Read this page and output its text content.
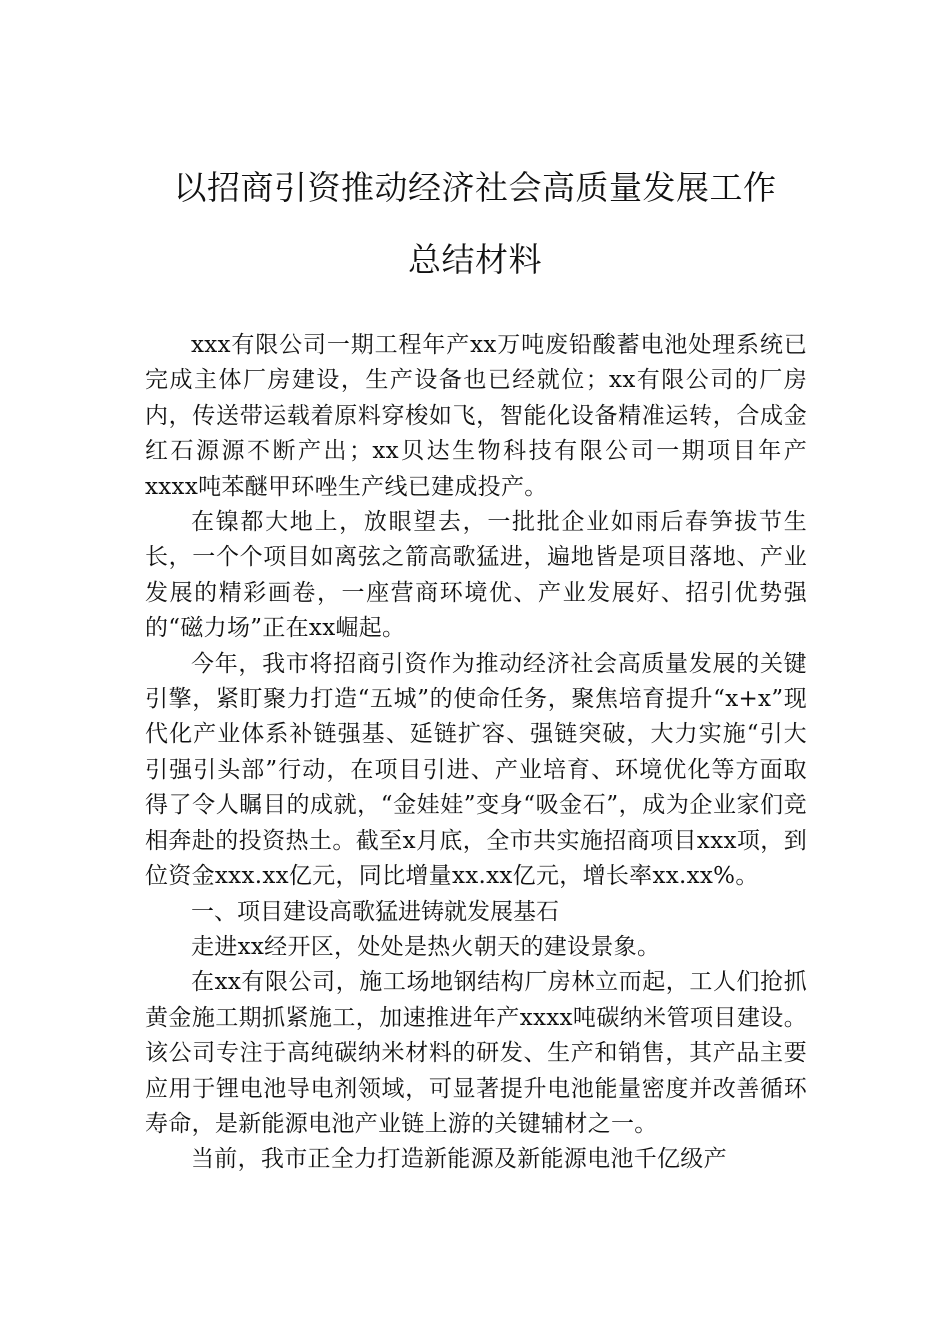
以招商引资推动经济社会高质量发展工作
总结材料

xxx有限公司一期工程年产xx万吨废铅酸蓄电池处理系统已完成主体厂房建设，生产设备也已经就位；xx有限公司的厂房内，传送带运载着原料穿梭如飞，智能化设备精准运转，合成金红石源源不断产出；xx贝达生物科技有限公司一期项目年产xxxx吨苯醚甲环唑生产线已建成投产。

在镍都大地上，放眼望去，一批批企业如雨后春笋拔节生长，一个个项目如离弦之箭高歌猛进，遍地皆是项目落地、产业发展的精彩画卷，一座营商环境优、产业发展好、招引优势强的“磁力场”正在xx崛起。

今年，我市将招商引资作为推动经济社会高质量发展的关键引擎，紧盯聚力打造“五城”的使命任务，聚焦培育提升“x+x”现代化产业体系补链强基、延链扩容、强链突破，大力实施“引大引强引头部”行动，在项目引进、产业培育、环境优化等方面取得了令人瞩目的成就，“金娃娃”变身“吸金石”，成为企业家们竞相奔赴的投资热土。截至x月底，全市共实施招商项目xxx项，到位资金xxx.xx亿元，同比增量xx.xx亿元，增长率xx.xx%。

一、项目建设高歌猛进铸就发展基石

走进xx经开区，处处是热火朝天的建设景象。

在xx有限公司，施工场地钢结构厂房林立而起，工人们抢抓黄金施工期抓紧施工，加速推进年产xxxx吨碳纳米管项目建设。该公司专注于高纯碳纳米材料的研发、生产和销售，其产品主要应用于锂电池导电剂领域，可显著提升电池能量密度并改善循环寿命，是新能源电池产业链上游的关键辅材之一。

当前，我市正全力打造新能源及新能源电池千亿级产
